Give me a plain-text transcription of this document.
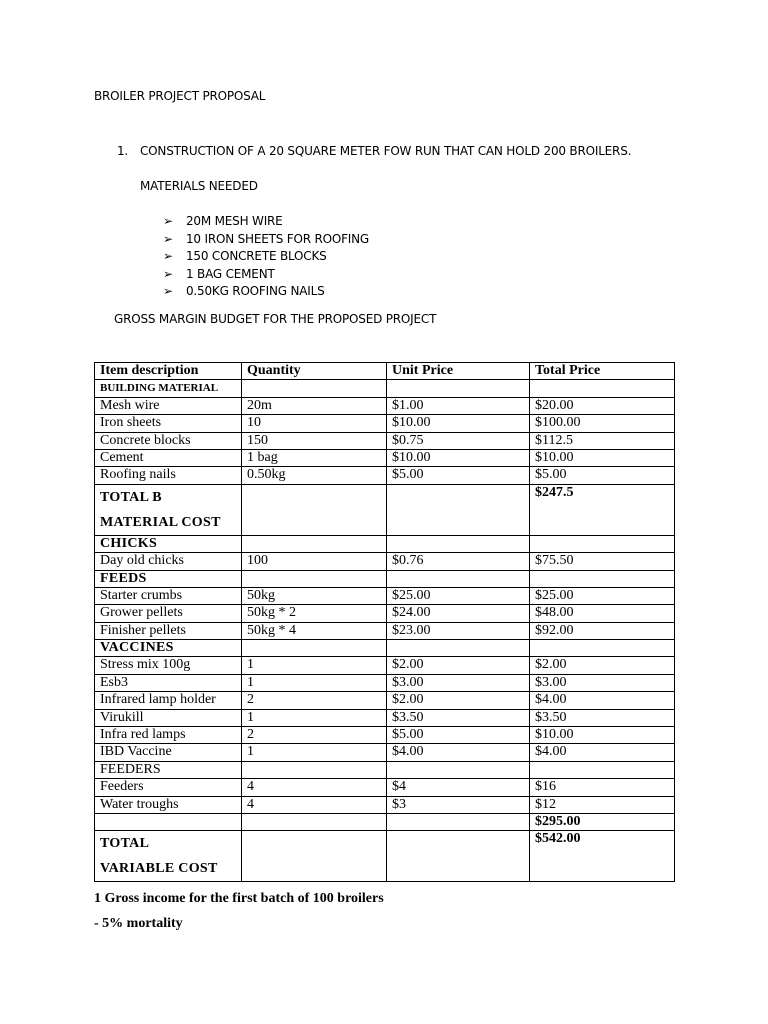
BROILER PROJECT PROPOSAL
1. CONSTRUCTION OF A 20 SQUARE METER FOW RUN THAT CAN HOLD 200 BROILERS.
MATERIALS NEEDED
➢ 20M MESH WIRE
➢ 10 IRON SHEETS FOR ROOFING
➢ 150 CONCRETE BLOCKS
➢ 1 BAG CEMENT
➢ 0.50KG ROOFING NAILS
GROSS MARGIN BUDGET FOR THE PROPOSED PROJECT
Item description	Quantity	Unit Price	Total Price
BUILDING MATERIAL			
Mesh wire	20m	$1.00	$20.00
Iron sheets	10	$10.00	$100.00
Concrete blocks	150	$0.75	$112.5
Cement	1 bag	$10.00	$10.00
Roofing nails	0.50kg	$5.00	$5.00

TOTAL B
MATERIAL COST			$247.5
CHICKS			
Day old chicks	100	$0.76	$75.50
FEEDS			
Starter crumbs	50kg	$25.00	$25.00
Grower pellets	50kg * 2	$24.00	$48.00
Finisher pellets	50kg * 4	$23.00	$92.00
VACCINES			
Stress mix 100g	1	$2.00	$2.00
Esb3	1	$3.00	$3.00
Infrared lamp holder	2	$2.00	$4.00
Virukill	1	$3.50	$3.50
Infra red lamps	2	$5.00	$10.00
IBD Vaccine	1	$4.00	$4.00
FEEDERS			
Feeders	4	$4	$16
Water troughs	4	$3	$12
			$295.00

TOTAL
VARIABLE COST			$542.00
1 Gross income for the first batch of 100 broilers
- 5% mortality
